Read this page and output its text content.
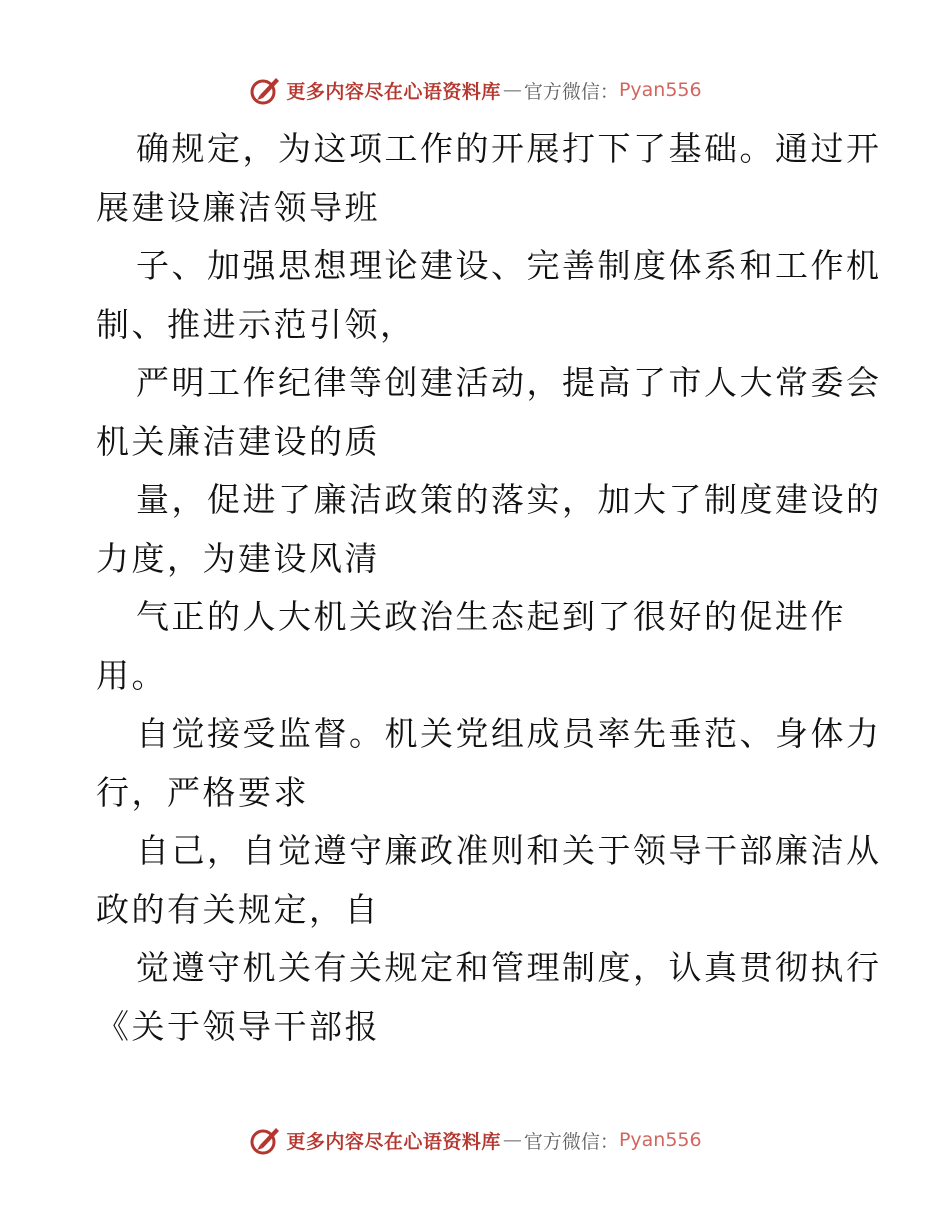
更多内容尽在心语资料库 — 官方微信： Pyan556
确规定，为这项工作的开展打下了基础。通过开
展建设廉洁领导班
子、加强思想理论建设、完善制度体系和工作机
制、推进示范引领，
严明工作纪律等创建活动，提高了市人大常委会
机关廉洁建设的质
量，促进了廉洁政策的落实，加大了制度建设的
力度，为建设风清
气正的人大机关政治生态起到了很好的促进作
用。
自觉接受监督。机关党组成员率先垂范、身体力
行，严格要求
自己，自觉遵守廉政准则和关于领导干部廉洁从
政的有关规定，自
觉遵守机关有关规定和管理制度，认真贯彻执行
《关于领导干部报
更多内容尽在心语资料库 — 官方微信： Pyan556
